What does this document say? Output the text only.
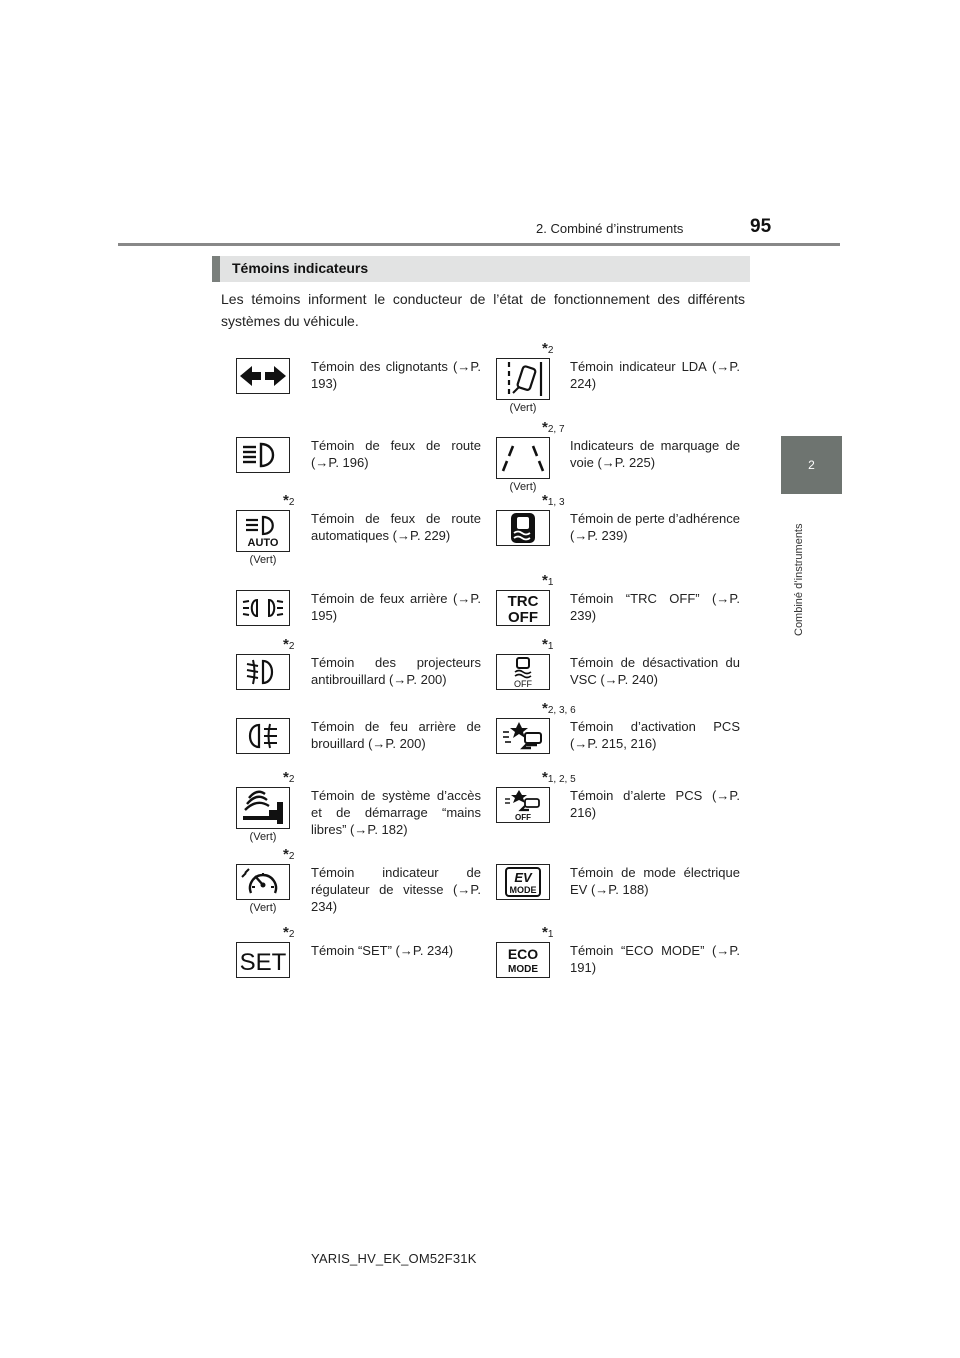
2. Combiné d’instruments	95
2
Combiné d’instruments
Témoins indicateurs
Les témoins informent le conducteur de l’état de fonctionnement des différents systèmes du véhicule.
Témoin des clignotants (→P. 193)
Témoin de feux de route (→P. 196)
AUTO
*2
(Vert)
Témoin de feux de route automatiques (→P. 229)
Témoin de feux arrière (→P. 195)
*2
Témoin des projecteurs antibrouillard (→P. 200)
Témoin de feu arrière de brouillard (→P. 200)
*2
(Vert)
Témoin de système d’accès et de démarrage “mains libres” (→P. 182)
*2
(Vert)
Témoin indicateur de régulateur de vitesse (→P. 234)
SET
*2
Témoin “SET” (→P. 234)
*2
(Vert)
Témoin indicateur LDA (→P. 224)
*2, 7
(Vert)
Indicateurs de marquage de voie (→P. 225)
*1, 3
Témoin de perte d’adhérence (→P. 239)
TRC
OFF
*1
Témoin “TRC OFF” (→P. 239)
OFF
*1
Témoin de désactivation du VSC (→P. 240)
*2, 3, 6
Témoin d’activation PCS (→P. 215, 216)
OFF
*1, 2, 5
Témoin d’alerte PCS (→P. 216)
EV
MODE
Témoin de mode électrique EV (→P. 188)
ECO
MODE
*1
Témoin “ECO MODE” (→P. 191)
YARIS_HV_EK_OM52F31K
